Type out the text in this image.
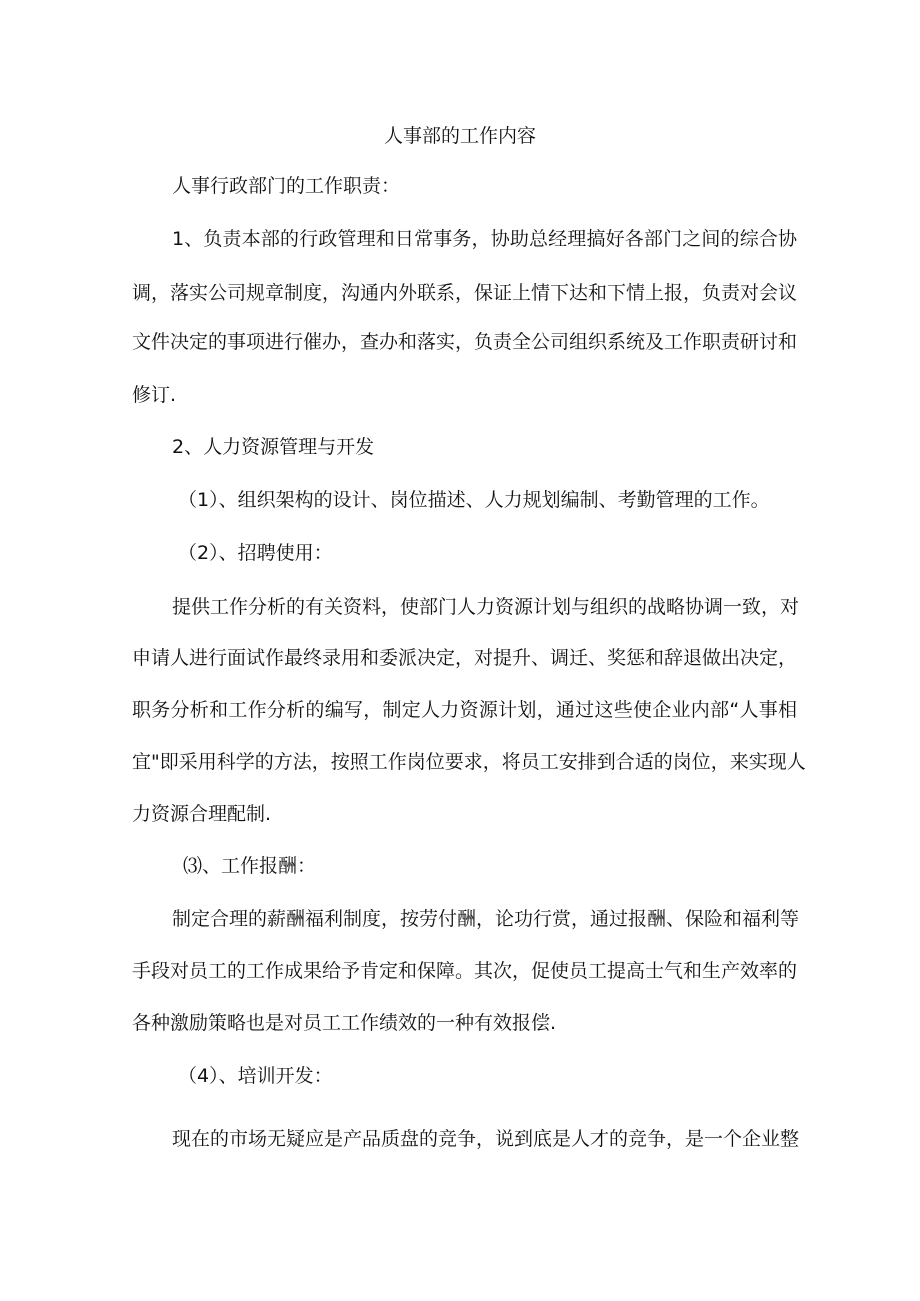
人事部的工作内容
人事行政部门的工作职责：
1、负责本部的行政管理和日常事务，协助总经理搞好各部门之间的综合协
调，落实公司规章制度，沟通内外联系，保证上情下达和下情上报，负责对会议
文件决定的事项进行催办，查办和落实，负责全公司组织系统及工作职责研讨和
修订.
2、人力资源管理与开发
（1）、组织架构的设计、岗位描述、人力规划编制、考勤管理的工作。
（2）、招聘使用：
提供工作分析的有关资料，使部门人力资源计划与组织的战略协调一致，对
申请人进行面试作最终录用和委派决定，对提升、调迁、奖惩和辞退做出决定，
职务分析和工作分析的编写，制定人力资源计划，通过这些使企业内部“人事相
宜"即采用科学的方法，按照工作岗位要求，将员工安排到合适的岗位，来实现人
力资源合理配制.
⑶、工作报酬：
制定合理的薪酬福利制度，按劳付酬，论功行赏，通过报酬、保险和福利等
手段对员工的工作成果给予肯定和保障。其次，促使员工提高士气和生产效率的
各种激励策略也是对员工工作绩效的一种有效报偿.
（4）、培训开发：
现在的市场无疑应是产品质盘的竞争，说到底是人才的竞争，是一个企业整
